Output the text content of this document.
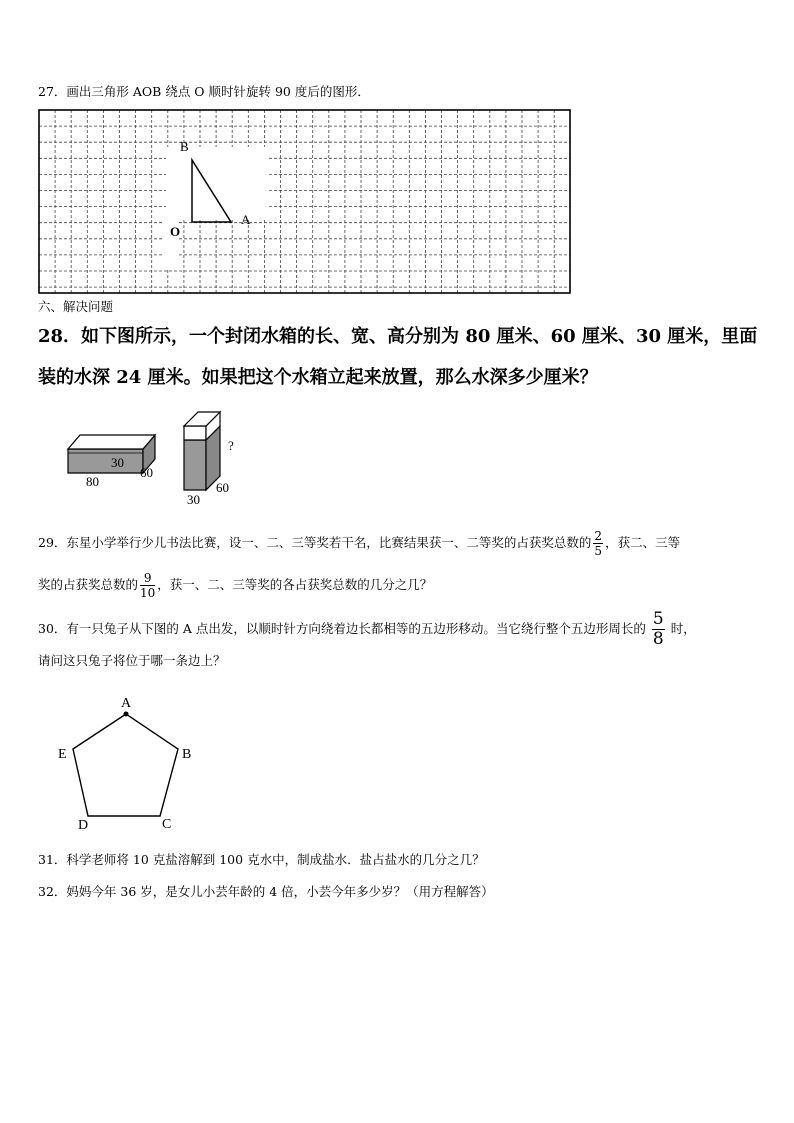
27．画出三角形 AOB 绕点 O 顺时针旋转 90 度后的图形．
B
O
A
六、解决问题
28．如下图所示，一个封闭水箱的长、宽、高分别为 80 厘米、60 厘米、30 厘米，里面
装的水深 24 厘米。如果把这个水箱立起来放置，那么水深多少厘米？
30
60
80
?
30
60
29．东星小学举行少儿书法比赛，设一、二、三等奖若干名，比赛结果获一、二等奖的占获奖总数的 $\frac{2}{5}$ ，获二、三等
奖的占获奖总数的 $\frac{9}{10}$ ，获一、二、三等奖的各占获奖总数的几分之几？
30．有一只兔子从下图的 A 点出发，以顺时针方向绕着边长都相等的五边形移动。当它绕行整个五边形周长的 $\frac{5}{8}$ 时，
请问这只兔子将位于哪一条边上？
A
B
C
D
E
31．科学老师将 10 克盐溶解到 100 克水中，制成盐水．盐占盐水的几分之几？
32．妈妈今年 36 岁，是女儿小芸年龄的 4 倍，小芸今年多少岁？（用方程解答）
